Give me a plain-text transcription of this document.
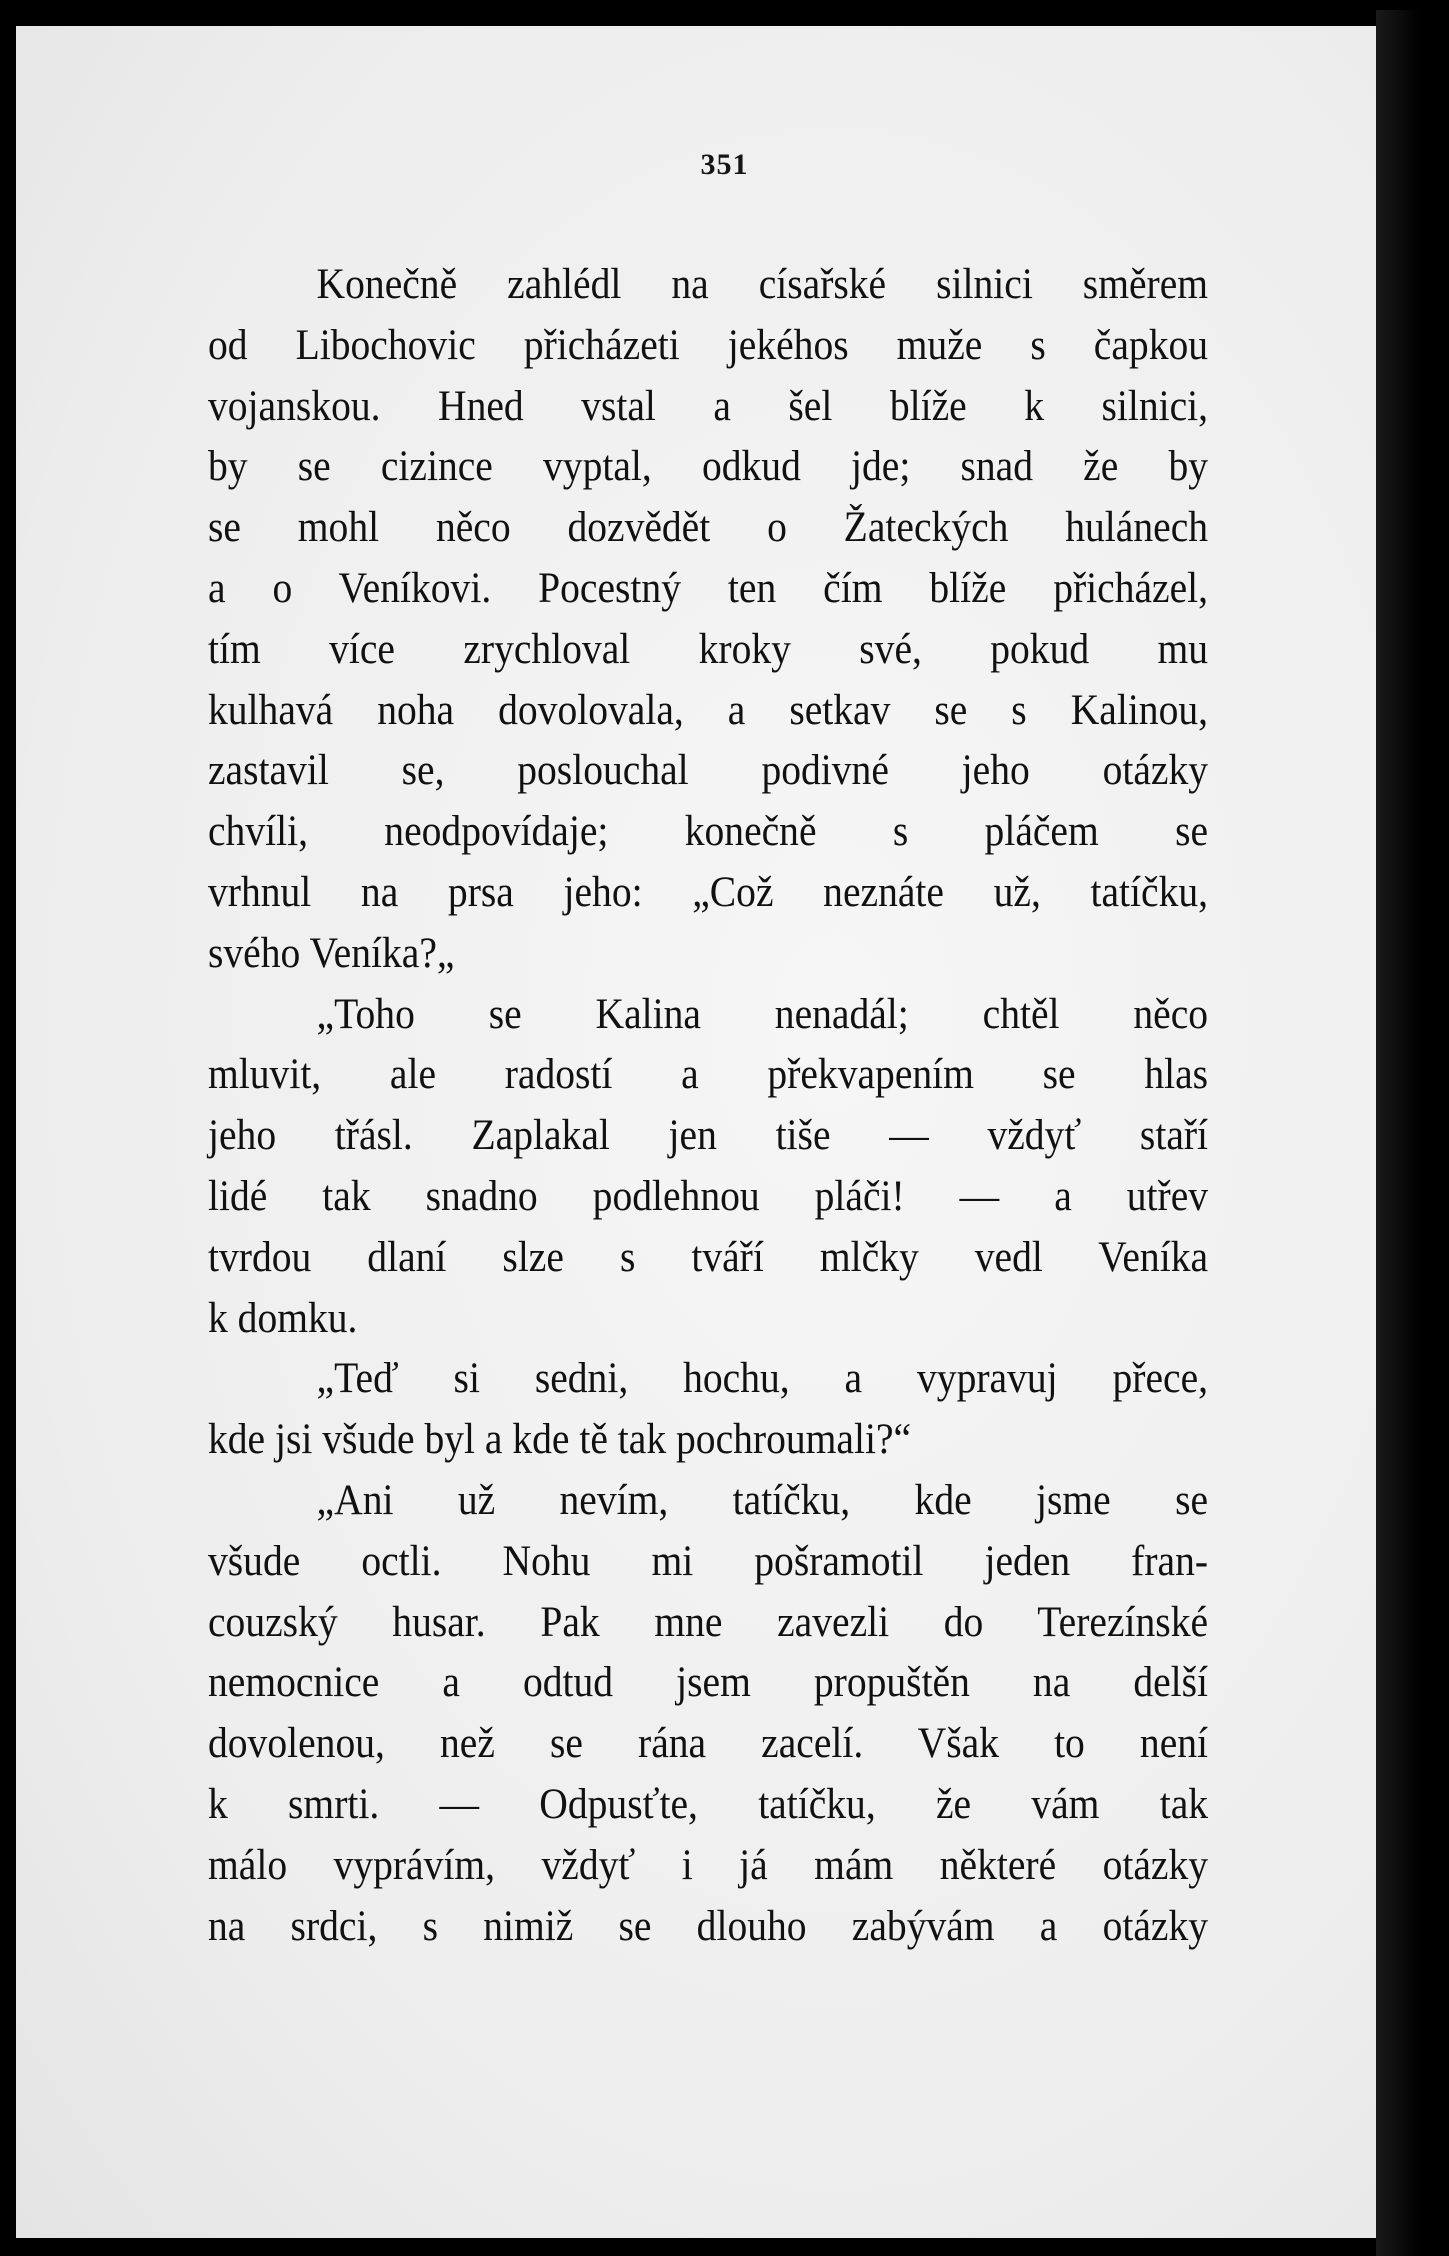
351
Konečně zahlédl na císařské silnici směrem
od Libochovic přicházeti jekéhos muže s čapkou
vojanskou. Hned vstal a šel blíže k silnici,
by se cizince vyptal, odkud jde; snad že by
se mohl něco dozvědět o Žateckých hulánech
a o Veníkovi. Pocestný ten čím blíže přicházel,
tím více zrychloval kroky své, pokud mu
kulhavá noha dovolovala, a setkav se s Kalinou,
zastavil se, poslouchal podivné jeho otázky
chvíli, neodpovídaje; konečně s pláčem se
vrhnul na prsa jeho: „Což neznáte už, tatíčku,
svého Veníka?„
„Toho se Kalina nenadál; chtěl něco
mluvit, ale radostí a překvapením se hlas
jeho třásl. Zaplakal jen tiše — vždyť staří
lidé tak snadno podlehnou pláči! — a utřev
tvrdou dlaní slze s tváří mlčky vedl Veníka
k domku.
„Teď si sedni, hochu, a vypravuj přece,
kde jsi všude byl a kde tě tak pochroumali?“
„Ani už nevím, tatíčku, kde jsme se
všude octli. Nohu mi pošramotil jeden fran-
couzský husar. Pak mne zavezli do Terezínské
nemocnice a odtud jsem propuštěn na delší
dovolenou, než se rána zacelí. Však to není
k smrti. — Odpusťte, tatíčku, že vám tak
málo vyprávím, vždyť i já mám některé otázky
na srdci, s nimiž se dlouho zabývám a otázky
